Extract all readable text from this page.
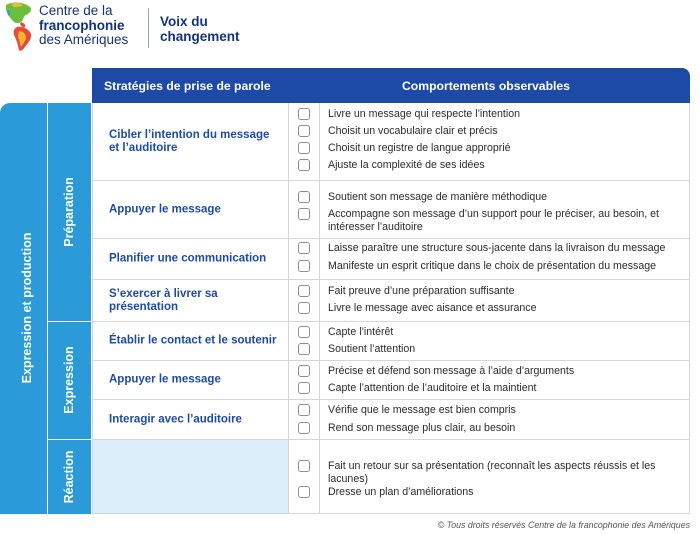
Centre de la
francophonie
des Amériques
Voix du
changement
Stratégies de prise de parole	Comportements observables
Expression et production
Préparation
Expression
Réaction
Cibler l’intention du message et l’auditoire
Livre un message qui respecte l’intention
Choisit un vocabulaire clair et précis
Choisit un registre de langue approprié
Ajuste la complexité de ses idées
Appuyer le message
Soutient son message de manière méthodique
Accompagne son message d’un support pour le préciser, au besoin, et intéresser l’auditoire
Planifier une communication
Laisse paraître une structure sous-jacente dans la livraison du message
Manifeste un esprit critique dans le choix de présentation du message
S’exercer à livrer sa présentation
Fait preuve d’une préparation suffisante
Livre le message avec aisance et assurance
Établir le contact et le soutenir
Capte l’intérêt
Soutient l’attention
Appuyer le message
Précise et défend son message à l’aide d’arguments
Capte l’attention de l’auditoire et la maintient
Interagir avec l’auditoire
Vérifie que le message est bien compris
Rend son message plus clair, au besoin
Fait un retour sur sa présentation (reconnaît les aspects réussis et les lacunes)
Dresse un plan d’améliorations
© Tous droits réservés Centre de la francophonie des Amériques
